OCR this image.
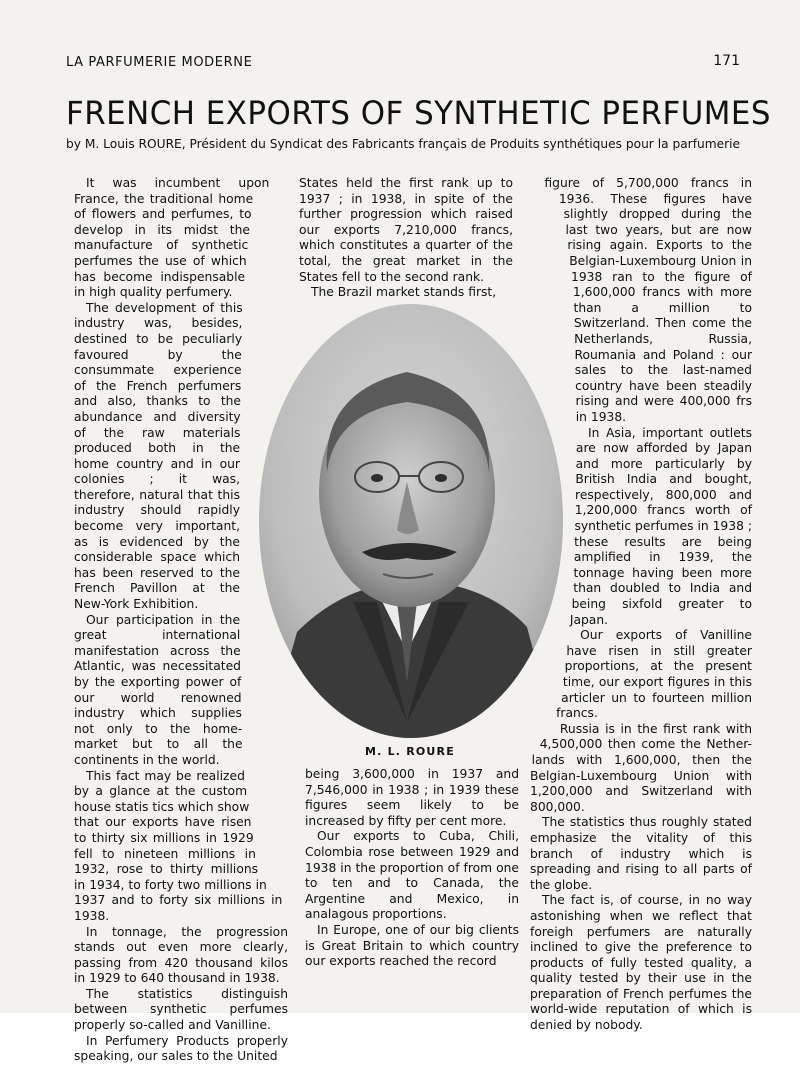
LA PARFUMERIE MODERNE	171
FRENCH EXPORTS OF SYNTHETIC PERFUMES
by M. Louis ROURE, Président du Syndicat des Fabricants français de Produits synthétiques pour la parfumerie

It was incumbent upon France, the traditional home of flowers and perfumes, to develop in its midst the manufacture of synthetic perfumes the use of which has become indispensable in high quality perfumery.

The development of this industry was, besides, destined to be peculiarly favoured by the consummate experience of the French perfumers and also, thanks to the abundance and diversity of the raw materials produced both in the home country and in our colonies ; it was, therefore, natural that this industry should rapidly become very important, as is evidenced by the considerable space which has been reserved to the French Pavillon at the New-York Exhibition.

Our participation in the great international manifestation across the Atlantic, was necessitated by the exporting power of our world renowned industry which supplies not only to the home-market but to all the continents in the world.

This fact may be realized by a glance at the custom house statis tics which show that our exports have risen to thirty six millions in 1929 fell to nineteen millions in 1932, rose to thirty millions in 1934, to forty two millions in 1937 and to forty six millions in 1938.

In tonnage, the progression stands out even more clearly, passing from 420 thousand kilos in 1929 to 640 thousand in 1938.

The statistics distinguish between synthetic perfumes properly so-called and Vanilline.

In Perfumery Products properly speaking, our sales to the United

States held the first rank up to 1937 ; in 1938, in spite of the further progression which raised our exports 7,210,000 francs, which constitutes a quarter of the total, the great market in the States fell to the second rank.

The Brazil market stands first,

M. L. ROURE

being 3,600,000 in 1937 and 7,546,000 in 1938 ; in 1939 these figures seem likely to be increased by fifty per cent more.

Our exports to Cuba, Chili, Colombia rose between 1929 and 1938 in the proportion of from one to ten and to Canada, the Argentine and Mexico, in analagous proportions.

In Europe, one of our big clients is Great Britain to which country our exports reached the record

figure of 5,700,000 francs in 1936. These figures have slightly dropped during the last two years, but are now rising again. Exports to the Belgian-Luxembourg Union in 1938 ran to the figure of 1,600,000 francs with more than a million to Switzerland. Then come the Netherlands, Russia, Roumania and Poland : our sales to the last-named country have been steadily rising and were 400,000 frs in 1938.

In Asia, important outlets are now afforded by Japan and more particularly by British India and bought, respectively, 800,000 and 1,200,000 francs worth of synthetic perfumes in 1938 ; these results are being amplified in 1939, the tonnage having been more than doubled to India and being sixfold greater to Japan.

Our exports of Vanilline have risen in still greater proportions, at the present time, our export figures in this articler un to fourteen million francs.

Russia is in the first rank with 4,500,000 then come the Nether-lands with 1,600,000, then the Belgian-Luxembourg Union with 1,200,000 and Switzerland with 800,000.

The statistics thus roughly stated emphasize the vitality of this branch of industry which is spreading and rising to all parts of the globe.

The fact is, of course, in no way astonishing when we reflect that foreigh perfumers are naturally inclined to give the preference to products of fully tested quality, a quality tested by their use in the preparation of French perfumes the world-wide reputation of which is denied by nobody.
